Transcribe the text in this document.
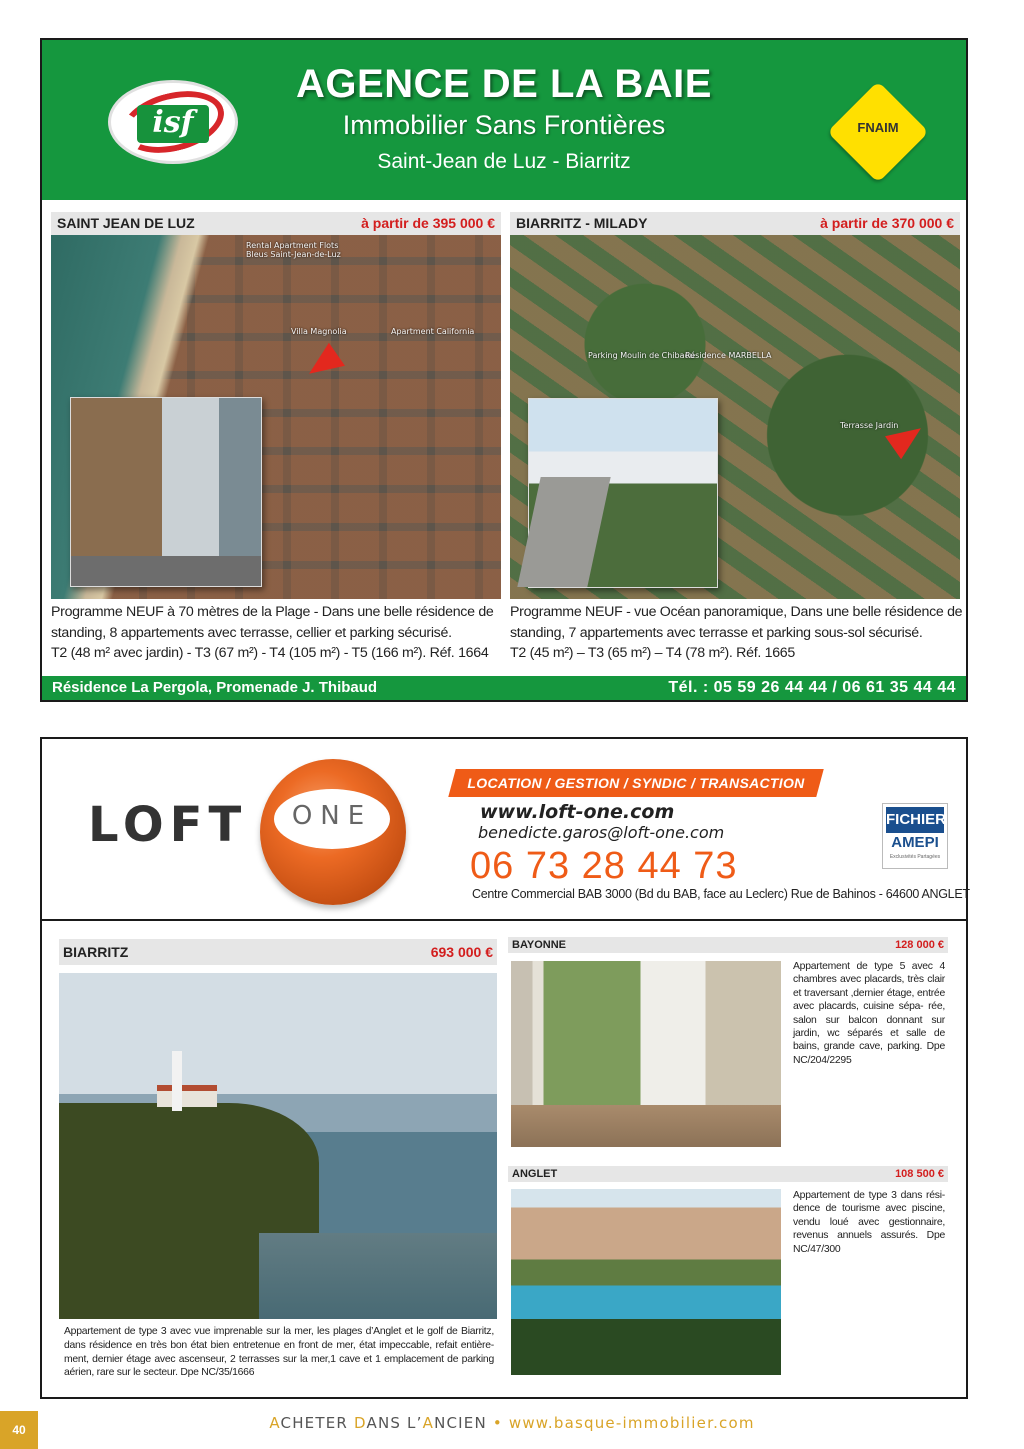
isf
AGENCE DE LA BAIE
Immobilier Sans Frontières
Saint-Jean de Luz - Biarritz
FNAIM
SAINT JEAN DE LUZ	à partir de 395 000 €
Rental Apartment Flots
Bleus Saint-Jean-de-Luz
Villa Magnolia	Apartment California
BIARRITZ - MILADY	à partir de 370 000 €
Parking Moulin de Chibaou
Résidence MARBELLA
Terrasse Jardin

Programme NEUF à 70 mètres de la Plage - Dans une belle résidence de

standing, 8 appartements avec terrasse, cellier et parking sécurisé.

T2 (48 m² avec jardin) - T3 (67 m²) - T4 (105 m²) - T5 (166 m²). Réf. 1664

Programme NEUF - vue Océan panoramique, Dans une belle résidence de

standing, 7 appartements avec terrasse et parking sous-sol sécurisé.

T2 (45 m²) – T3 (65 m²) – T4 (78 m²). Réf. 1665

Résidence La Pergola, Promenade J. Thibaud	Tél. : 05 59 26 44 44 / 06 61 35 44 44
LOFT	ONE
LOCATION / GESTION / SYNDIC / TRANSACTION
www.loft-one.com
benedicte.garos@loft-one.com
06 73 28 44 73
Centre Commercial BAB 3000 (Bd du BAB, face au Leclerc) Rue de Bahinos - 64600 ANGLET
FICHIER
AMEPI
Exclusivités Partagées
BIARRITZ	693 000 €
Appartement de type 3 avec vue imprenable sur la mer, les plages d’Anglet et le golf de Biarritz, dans résidence en très bon état bien entretenue en front de mer, état impeccable, refait entière- ment, dernier étage avec ascenseur, 2 terrasses sur la mer,1 cave et 1 emplacement de parking aérien, rare sur le secteur. Dpe NC/35/1666
BAYONNE	128 000 €
Appartement de type 5 avec 4 chambres avec placards, très clair et traversant ,dernier étage, entrée avec placards, cuisine sépa- rée, salon sur balcon donnant sur jardin, wc séparés et salle de bains, grande cave, parking. Dpe NC/204/2295
ANGLET	108 500 €
Appartement de type 3 dans rési- dence de tourisme avec piscine, vendu loué avec gestionnaire, revenus annuels assurés. Dpe NC/47/300
40	ACHETER DANS L’ANCIEN • www.basque-immobilier.com
